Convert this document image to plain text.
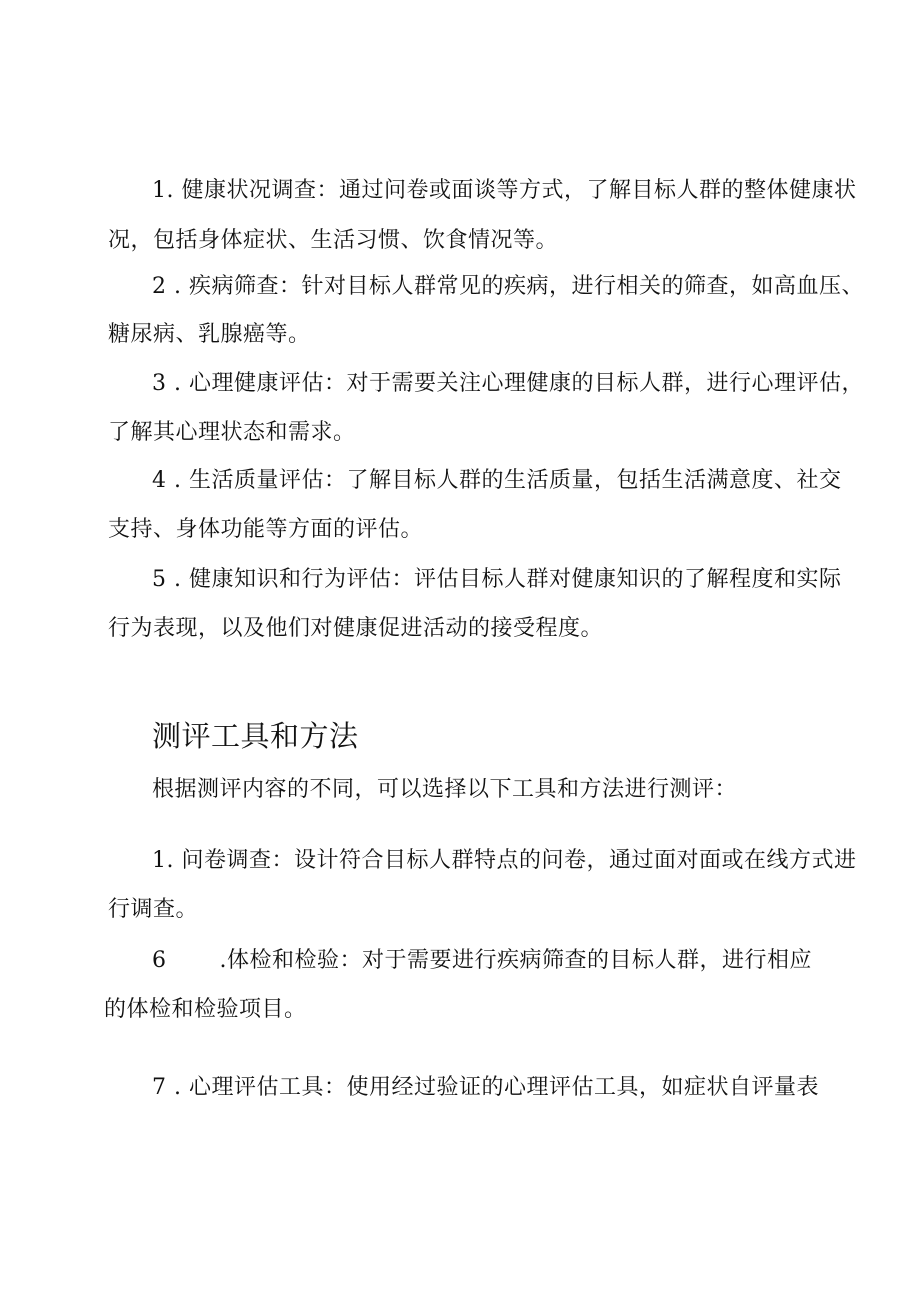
1. 健康状况调查：通过问卷或面谈等方式，了解目标人群的整体健康状
况，包括身体症状、生活习惯、饮食情况等。
2 . 疾病筛查：针对目标人群常见的疾病，进行相关的筛查，如高血压、
糖尿病、乳腺癌等。
3 . 心理健康评估：对于需要关注心理健康的目标人群，进行心理评估，
了解其心理状态和需求。
4 . 生活质量评估：了解目标人群的生活质量，包括生活满意度、社交
支持、身体功能等方面的评估。
5 . 健康知识和行为评估：评估目标人群对健康知识的了解程度和实际
行为表现，以及他们对健康促进活动的接受程度。
测评工具和方法
根据测评内容的不同，可以选择以下工具和方法进行测评：
1. 问卷调查：设计符合目标人群特点的问卷，通过面对面或在线方式进
行调查。
6 .体检和检验：对于需要进行疾病筛查的目标人群，进行相应
的体检和检验项目。
7 . 心理评估工具：使用经过验证的心理评估工具，如症状自评量表
